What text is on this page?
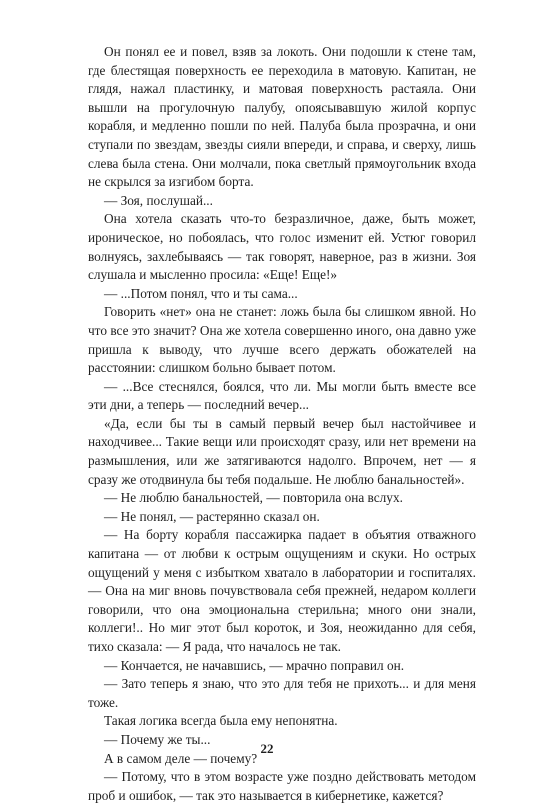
Он понял ее и повел, взяв за локоть. Они подошли к стене там, где блестящая поверхность ее переходила в матовую. Капитан, не глядя, нажал пластинку, и матовая поверхность растаяла. Они вышли на прогулочную палубу, опоясывавшую жилой корпус корабля, и медленно пошли по ней. Палуба была прозрачна, и они ступали по звездам, звезды сияли впереди, и справа, и сверху, лишь слева была стена. Они молчали, пока светлый прямоугольник входа не скрылся за изгибом борта.

— Зоя, послушай...

Она хотела сказать что-то безразличное, даже, быть может, ироническое, но побоялась, что голос изменит ей. Устюг говорил волнуясь, захлебываясь — так говорят, наверное, раз в жизни. Зоя слушала и мысленно просила: «Еще! Еще!»

— ...Потом понял, что и ты сама...

Говорить «нет» она не станет: ложь была бы слишком явной. Но что все это значит? Она же хотела совершенно иного, она давно уже пришла к выводу, что лучше всего держать обожателей на расстоянии: слишком больно бывает потом.

— ...Все стеснялся, боялся, что ли. Мы могли быть вместе все эти дни, а теперь — последний вечер...

«Да, если бы ты в самый первый вечер был настойчивее и находчивее... Такие вещи или происходят сразу, или нет времени на размышления, или же затягиваются надолго. Впрочем, нет — я сразу же отодвинула бы тебя подальше. Не люблю банальностей».

— Не люблю банальностей, — повторила она вслух.

— Не понял, — растерянно сказал он.

— На борту корабля пассажирка падает в объятия отважного капитана — от любви к острым ощущениям и скуки. Но острых ощущений у меня с избытком хватало в лаборатории и госпиталях. — Она на миг вновь почувствовала себя прежней, недаром коллеги говорили, что она эмоциональна стерильна; много они знали, коллеги!.. Но миг этот был короток, и Зоя, неожиданно для себя, тихо сказала: — Я рада, что началось не так.

— Кончается, не начавшись, — мрачно поправил он.

— Зато теперь я знаю, что это для тебя не прихоть... и для меня тоже.

Такая логика всегда была ему непонятна.

— Почему же ты...

А в самом деле — почему?

— Потому, что в этом возрасте уже поздно действовать методом проб и ошибок, — так это называется в кибернетике, кажется?

22
